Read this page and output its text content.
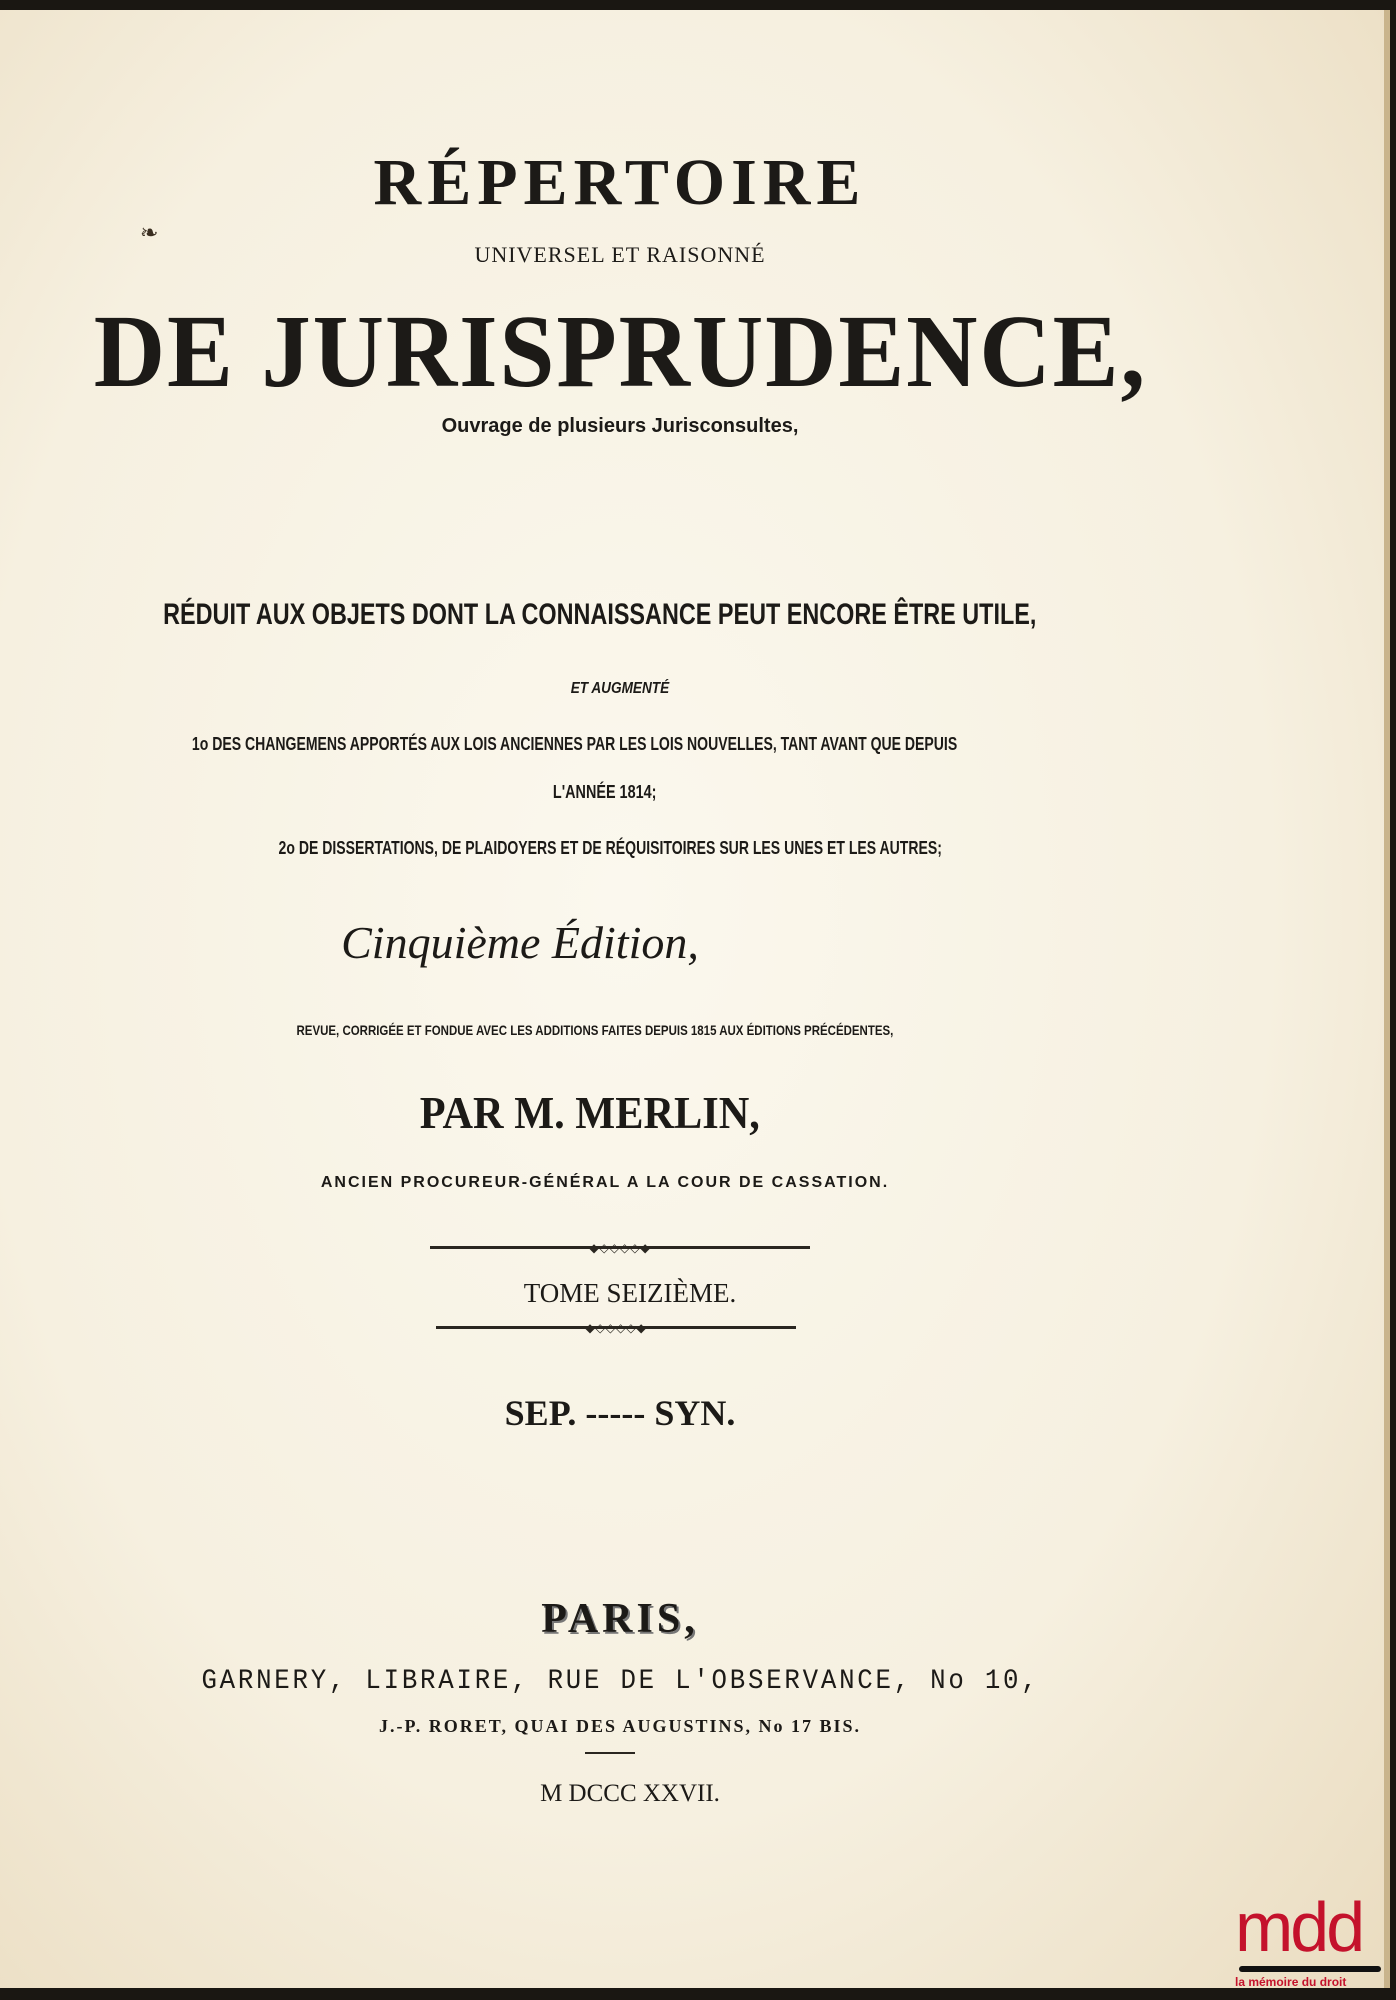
❧
RÉPERTOIRE
UNIVERSEL ET RAISONNÉ
DE JURISPRUDENCE,
Ouvrage de plusieurs Jurisconsultes,
RÉDUIT AUX OBJETS DONT LA CONNAISSANCE PEUT ENCORE ÊTRE UTILE,
ET AUGMENTÉ
1o DES CHANGEMENS APPORTÉS AUX LOIS ANCIENNES PAR LES LOIS NOUVELLES, TANT AVANT QUE DEPUIS
L'ANNÉE 1814;
2o DE DISSERTATIONS, DE PLAIDOYERS ET DE RÉQUISITOIRES SUR LES UNES ET LES AUTRES;
Cinquième Édition,
REVUE, CORRIGÉE ET FONDUE AVEC LES ADDITIONS FAITES DEPUIS 1815 AUX ÉDITIONS PRÉCÉDENTES,
PAR M. MERLIN,
ANCIEN PROCUREUR-GÉNÉRAL A LA COUR DE CASSATION.
◆◇◇◇◇◆
TOME SEIZIÈME.
◆◇◇◇◇◆
SEP. ----- SYN.
PARIS,
GARNERY, LIBRAIRE, RUE DE L'OBSERVANCE, No 10,
J.-P. RORET, QUAI DES AUGUSTINS, No 17 BIS.
M DCCC XXVII.
mdd
la mémoire du droit
